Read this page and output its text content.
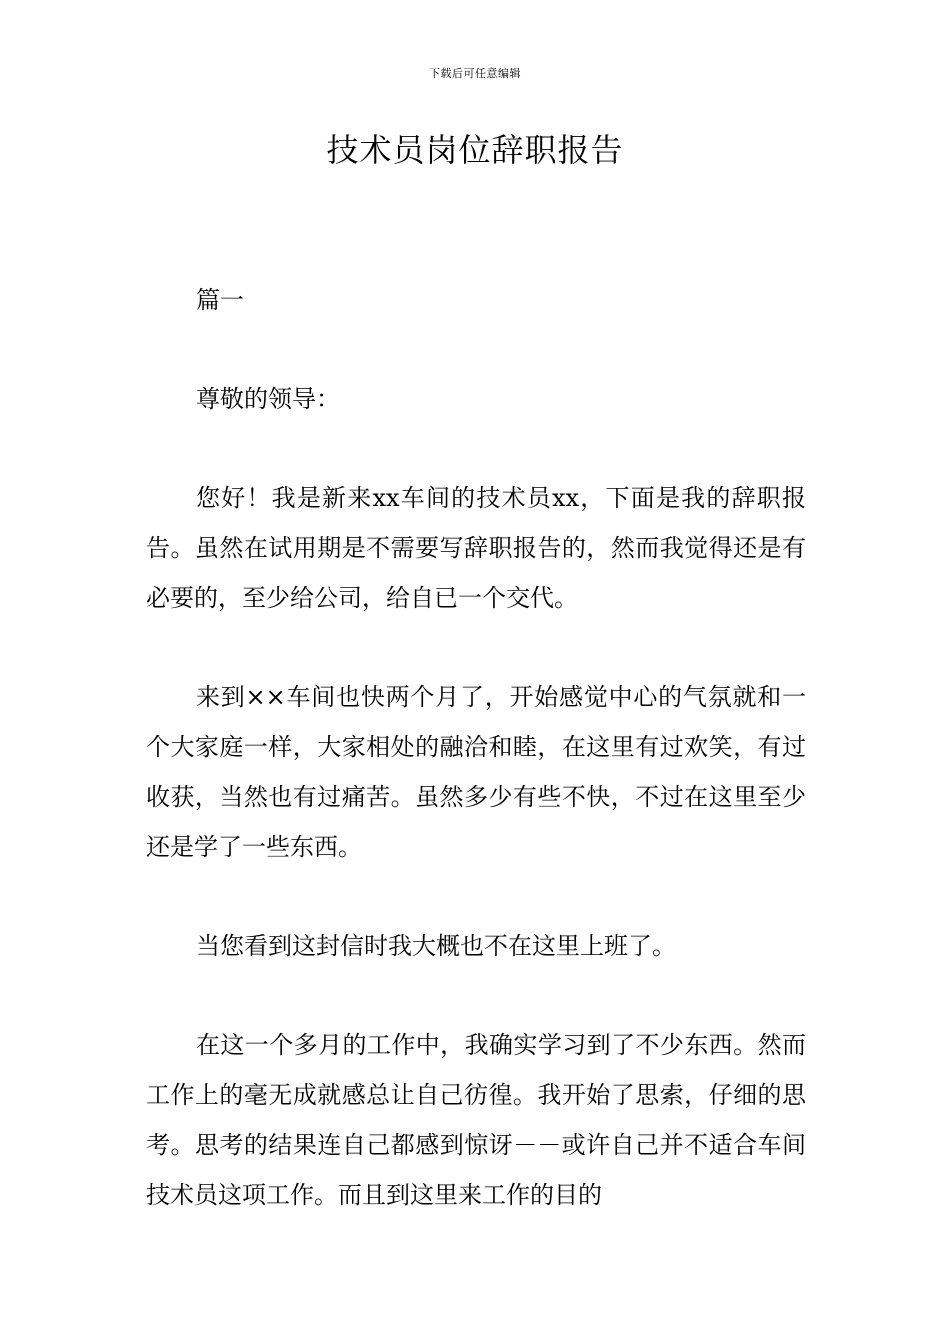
下载后可任意编辑
技术员岗位辞职报告

篇一

尊敬的领导：

您好！我是新来xx车间的技术员xx，下面是我的辞职报告。虽然在试用期是不需要写辞职报告的，然而我觉得还是有必要的，至少给公司，给自已一个交代。

来到××车间也快两个月了，开始感觉中心的气氛就和一个大家庭一样，大家相处的融洽和睦，在这里有过欢笑，有过收获，当然也有过痛苦。虽然多少有些不快，不过在这里至少还是学了一些东西。

当您看到这封信时我大概也不在这里上班了。

在这一个多月的工作中，我确实学习到了不少东西。然而工作上的毫无成就感总让自己彷徨。我开始了思索，仔细的思考。思考的结果连自己都感到惊讶－－或许自己并不适合车间技术员这项工作。而且到这里来工作的目的
